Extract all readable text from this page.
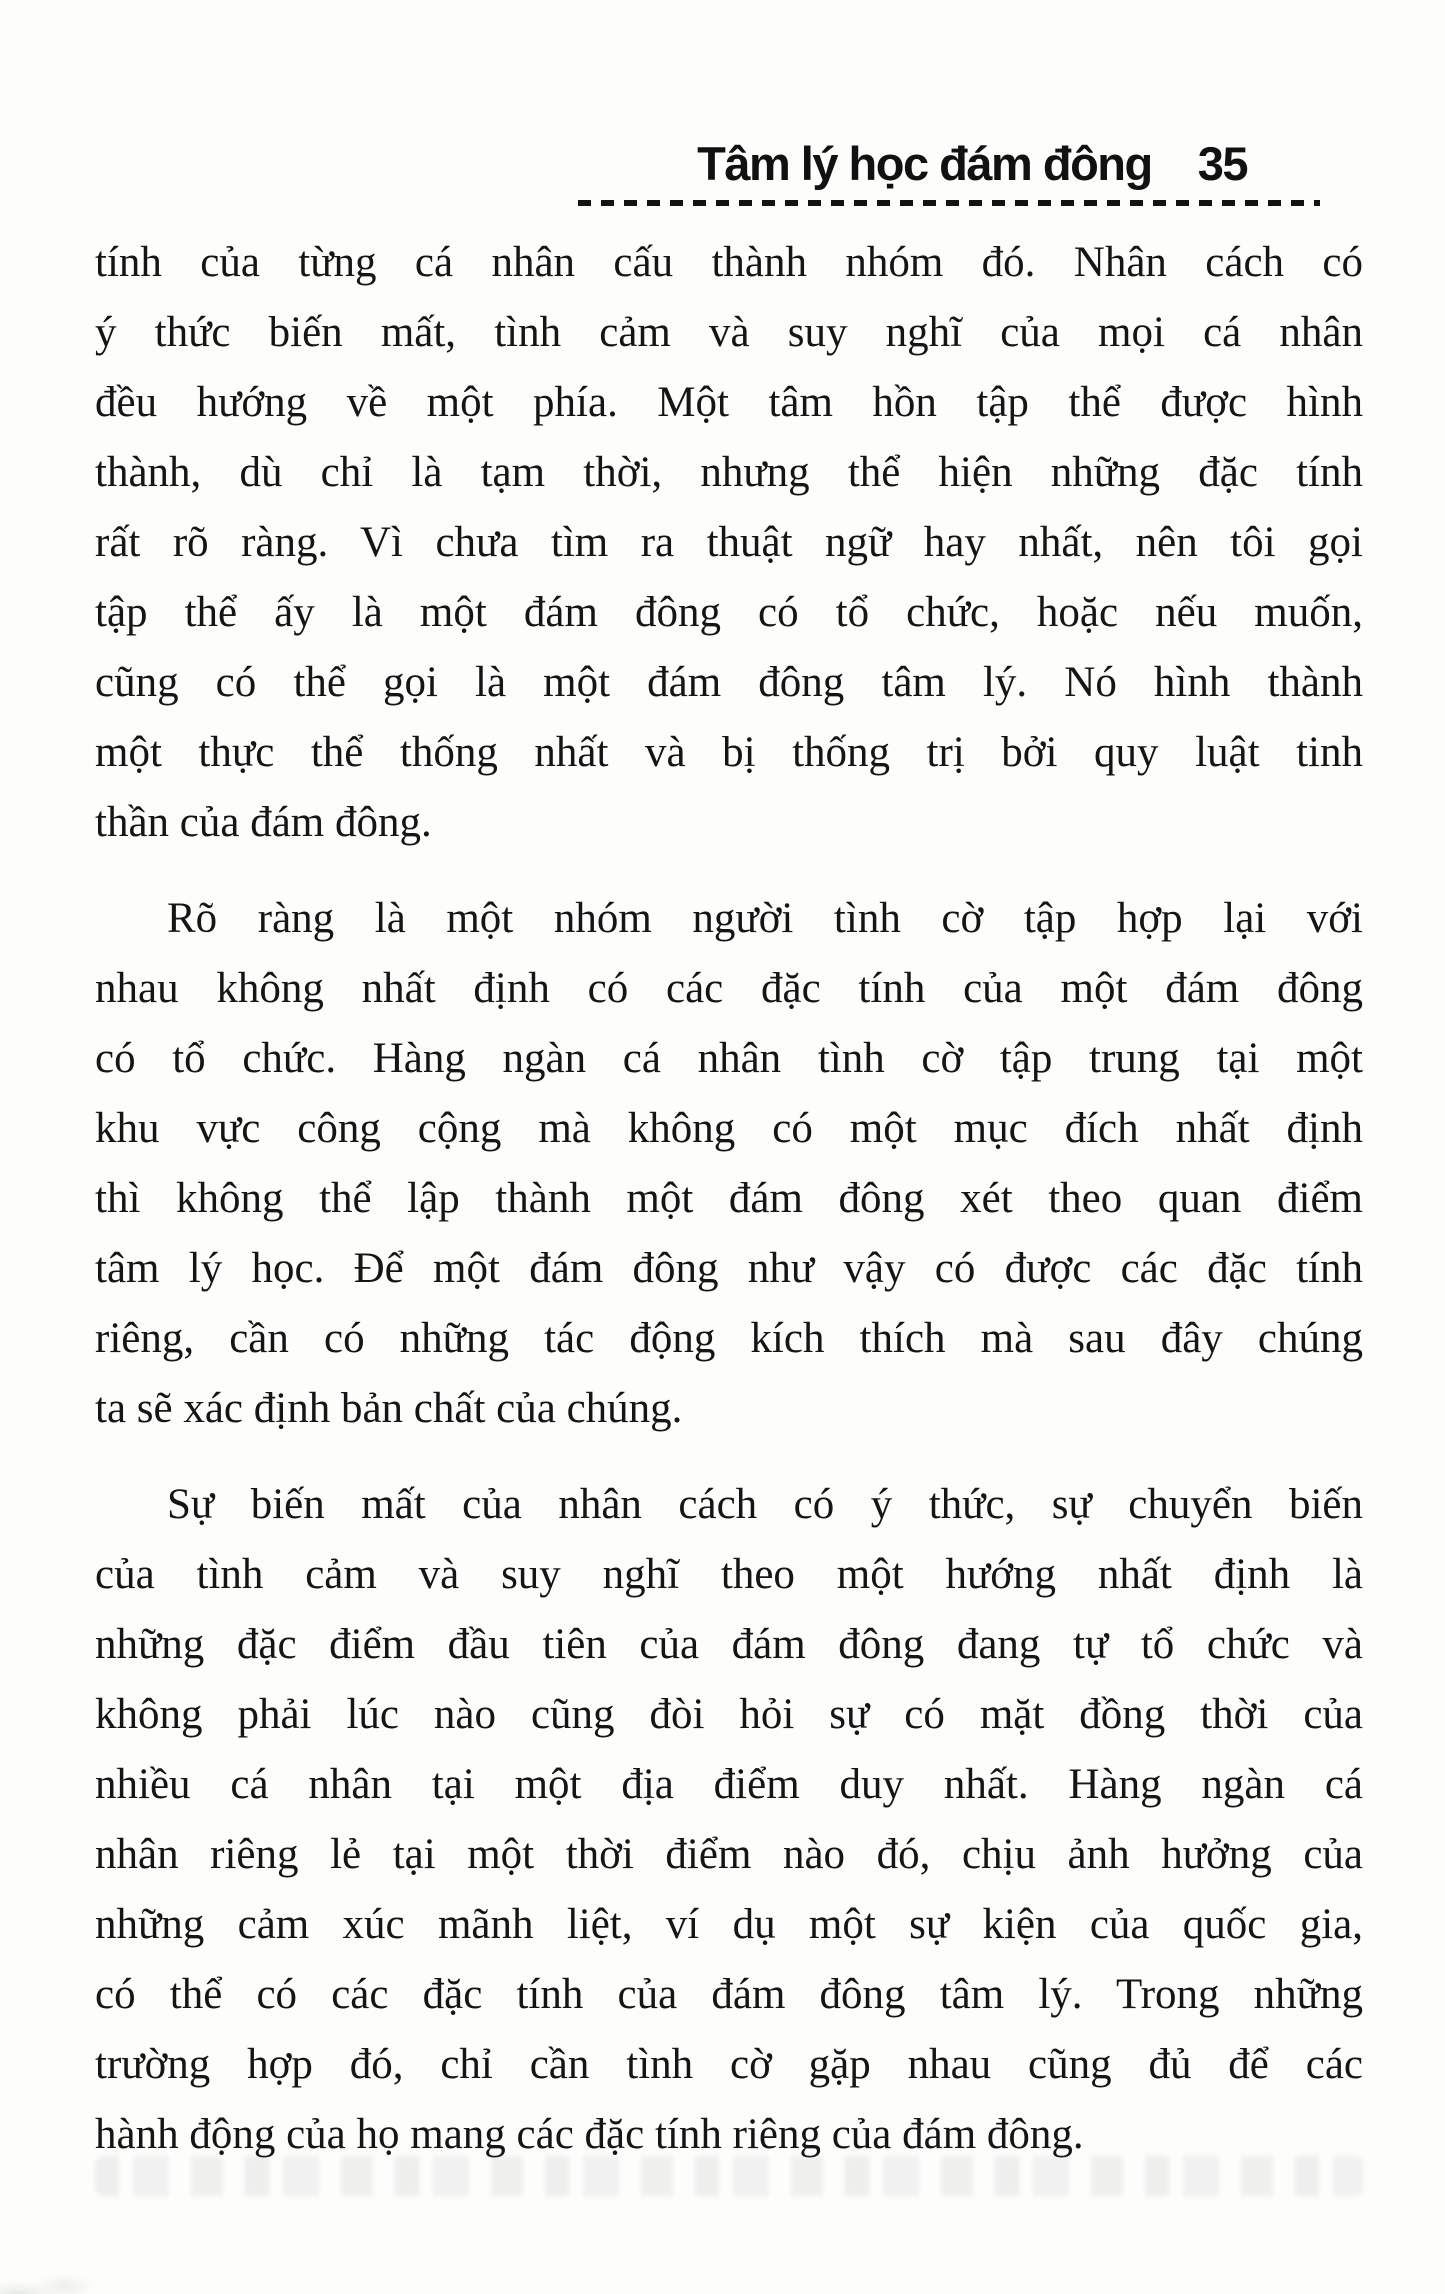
Tâm lý học đám đông 35
tính của từng cá nhân cấu thành nhóm đó. Nhân cách có
ý thức biến mất, tình cảm và suy nghĩ của mọi cá nhân
đều hướng về một phía. Một tâm hồn tập thể được hình
thành, dù chỉ là tạm thời, nhưng thể hiện những đặc tính
rất rõ ràng. Vì chưa tìm ra thuật ngữ hay nhất, nên tôi gọi
tập thể ấy là một đám đông có tổ chức, hoặc nếu muốn,
cũng có thể gọi là một đám đông tâm lý. Nó hình thành
một thực thể thống nhất và bị thống trị bởi quy luật tinh
thần của đám đông.
Rõ ràng là một nhóm người tình cờ tập hợp lại với
nhau không nhất định có các đặc tính của một đám đông
có tổ chức. Hàng ngàn cá nhân tình cờ tập trung tại một
khu vực công cộng mà không có một mục đích nhất định
thì không thể lập thành một đám đông xét theo quan điểm
tâm lý học. Để một đám đông như vậy có được các đặc tính
riêng, cần có những tác động kích thích mà sau đây chúng
ta sẽ xác định bản chất của chúng.
Sự biến mất của nhân cách có ý thức, sự chuyển biến
của tình cảm và suy nghĩ theo một hướng nhất định là
những đặc điểm đầu tiên của đám đông đang tự tổ chức và
không phải lúc nào cũng đòi hỏi sự có mặt đồng thời của
nhiều cá nhân tại một địa điểm duy nhất. Hàng ngàn cá
nhân riêng lẻ tại một thời điểm nào đó, chịu ảnh hưởng của
những cảm xúc mãnh liệt, ví dụ một sự kiện của quốc gia,
có thể có các đặc tính của đám đông tâm lý. Trong những
trường hợp đó, chỉ cần tình cờ gặp nhau cũng đủ để các
hành động của họ mang các đặc tính riêng của đám đông.
